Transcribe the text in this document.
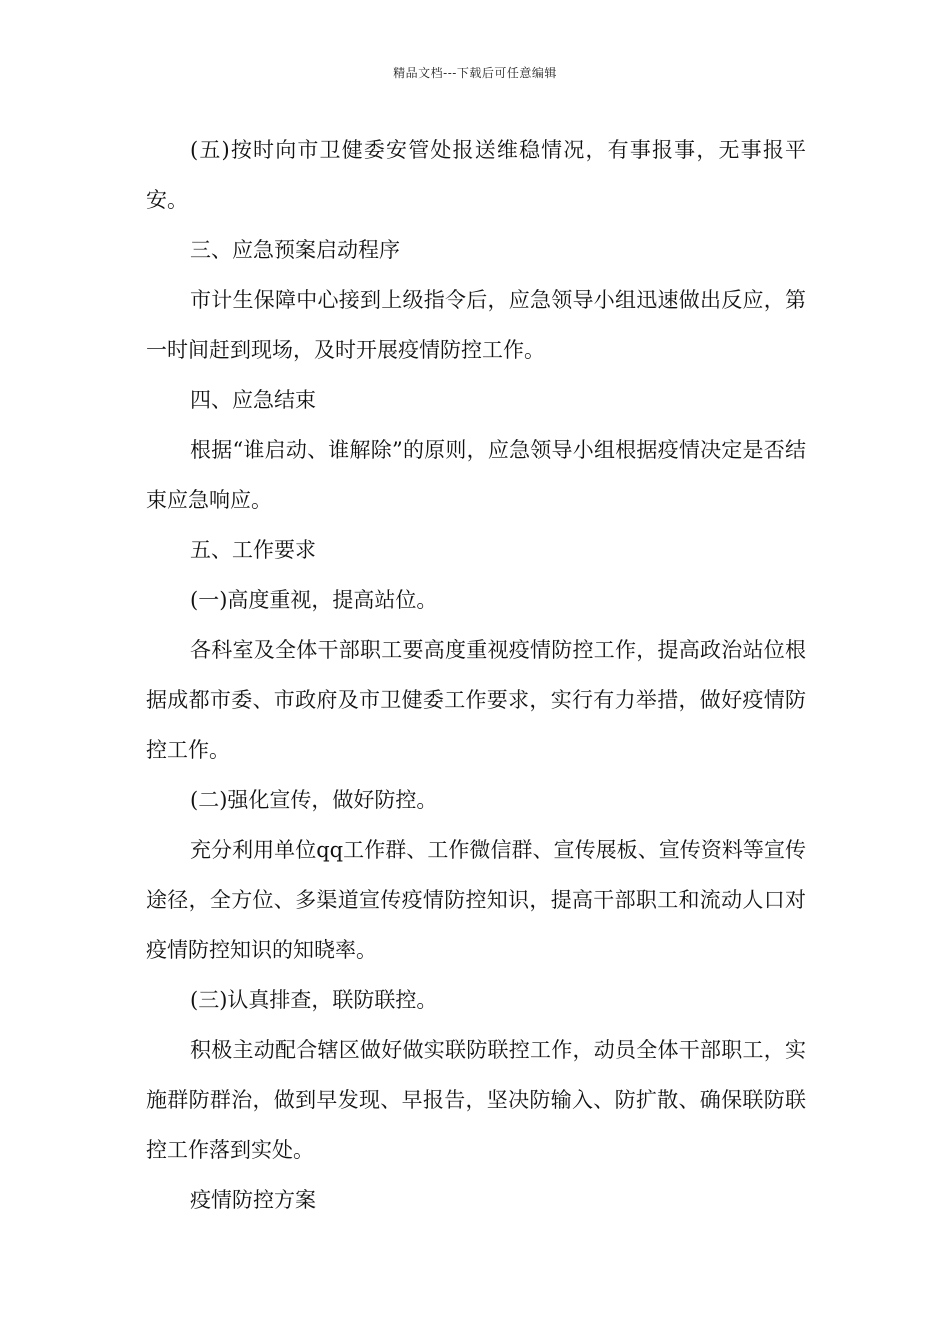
精品文档---下载后可任意编辑

(五)按时向市卫健委安管处报送维稳情况，有事报事，无事报平安。

三、应急预案启动程序

市计生保障中心接到上级指令后，应急领导小组迅速做出反应，第一时间赶到现场，及时开展疫情防控工作。

四、应急结束

根据“谁启动、谁解除”的原则，应急领导小组根据疫情决定是否结束应急响应。

五、工作要求

(一)高度重视，提高站位。

各科室及全体干部职工要高度重视疫情防控工作，提高政治站位根据成都市委、市政府及市卫健委工作要求，实行有力举措，做好疫情防控工作。

(二)强化宣传，做好防控。

充分利用单位qq工作群、工作微信群、宣传展板、宣传资料等宣传途径，全方位、多渠道宣传疫情防控知识，提高干部职工和流动人口对疫情防控知识的知晓率。

(三)认真排查，联防联控。

积极主动配合辖区做好做实联防联控工作，动员全体干部职工，实施群防群治，做到早发现、早报告，坚决防输入、防扩散、确保联防联控工作落到实处。

疫情防控方案
